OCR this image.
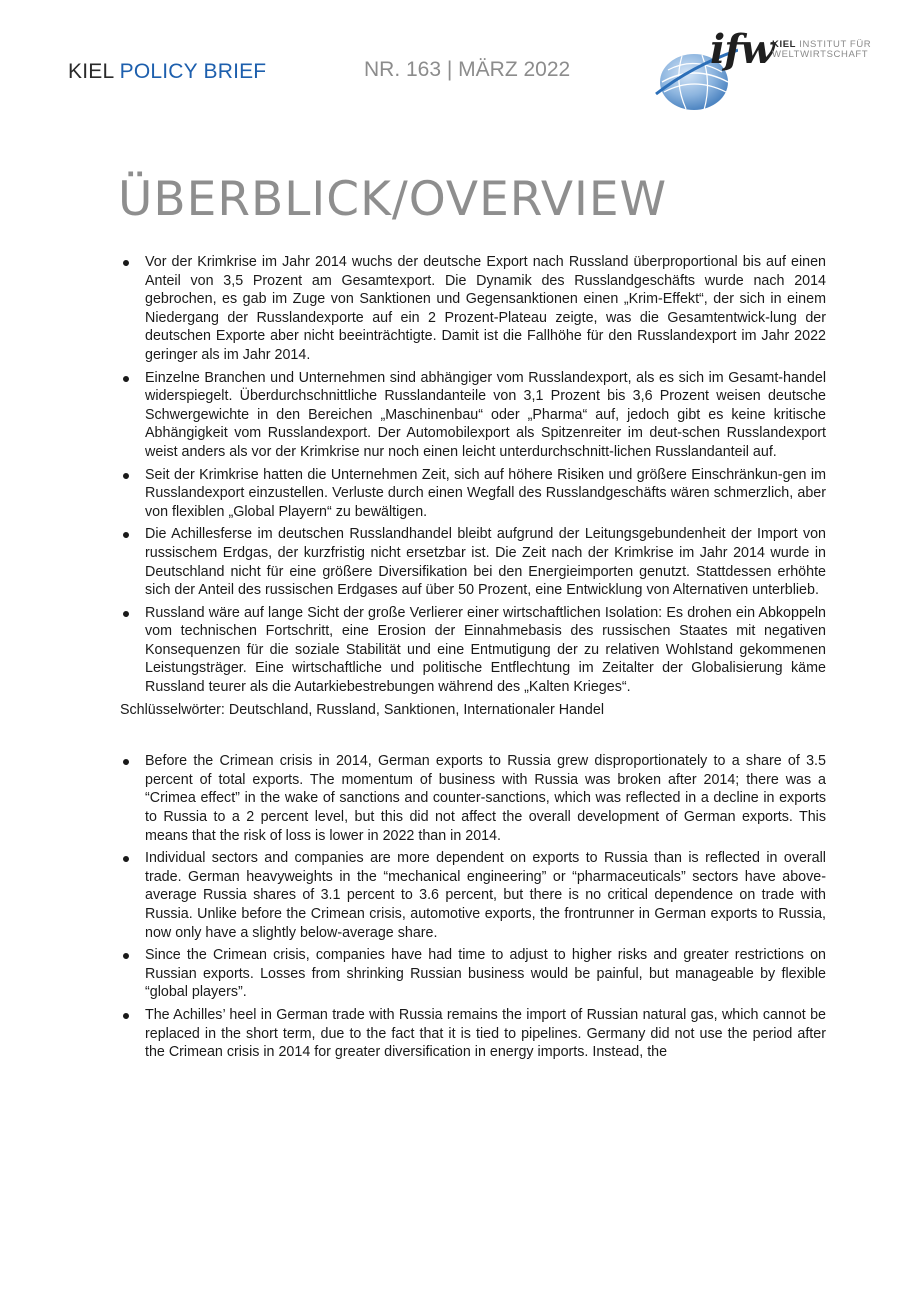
KIEL POLICY BRIEF	NR. 163 | MÄRZ 2022	ifw
KIEL INSTITUT FÜR
WELTWIRTSCHAFT
ÜBERBLICK/OVERVIEW
Vor der Krimkrise im Jahr 2014 wuchs der deutsche Export nach Russland überproportional bis auf einen Anteil von 3,5 Prozent am Gesamtexport. Die Dynamik des Russlandgeschäfts wurde nach 2014 gebrochen, es gab im Zuge von Sanktionen und Gegensanktionen einen „Krim-Effekt“, der sich in einem Niedergang der Russlandexporte auf ein 2 Prozent-Plateau zeigte, was die Gesamtentwick-lung der deutschen Exporte aber nicht beeinträchtigte. Damit ist die Fallhöhe für den Russlandexport im Jahr 2022 geringer als im Jahr 2014.
Einzelne Branchen und Unternehmen sind abhängiger vom Russlandexport, als es sich im Gesamt-handel widerspiegelt. Überdurchschnittliche Russlandanteile von 3,1 Prozent bis 3,6 Prozent weisen deutsche Schwergewichte in den Bereichen „Maschinenbau“ oder „Pharma“ auf, jedoch gibt es keine kritische Abhängigkeit vom Russlandexport. Der Automobilexport als Spitzenreiter im deut-schen Russlandexport weist anders als vor der Krimkrise nur noch einen leicht unterdurchschnitt-lichen Russlandanteil auf.
Seit der Krimkrise hatten die Unternehmen Zeit, sich auf höhere Risiken und größere Einschränkun-gen im Russlandexport einzustellen. Verluste durch einen Wegfall des Russlandgeschäfts wären schmerzlich, aber von flexiblen „Global Playern“ zu bewältigen.
Die Achillesferse im deutschen Russlandhandel bleibt aufgrund der Leitungsgebundenheit der Import von russischem Erdgas, der kurzfristig nicht ersetzbar ist. Die Zeit nach der Krimkrise im Jahr 2014 wurde in Deutschland nicht für eine größere Diversifikation bei den Energieimporten genutzt. Stattdessen erhöhte sich der Anteil des russischen Erdgases auf über 50 Prozent, eine Entwicklung von Alternativen unterblieb.
Russland wäre auf lange Sicht der große Verlierer einer wirtschaftlichen Isolation: Es drohen ein Abkoppeln vom technischen Fortschritt, eine Erosion der Einnahmebasis des russischen Staates mit negativen Konsequenzen für die soziale Stabilität und eine Entmutigung der zu relativen Wohlstand gekommenen Leistungsträger. Eine wirtschaftliche und politische Entflechtung im Zeitalter der Globalisierung käme Russland teurer als die Autarkiebestrebungen während des „Kalten Krieges“.
Schlüsselwörter: Deutschland, Russland, Sanktionen, Internationaler Handel
Before the Crimean crisis in 2014, German exports to Russia grew disproportionately to a share of 3.5 percent of total exports. The momentum of business with Russia was broken after 2014; there was a “Crimea effect” in the wake of sanctions and counter-sanctions, which was reflected in a decline in exports to Russia to a 2 percent level, but this did not affect the overall development of German exports. This means that the risk of loss is lower in 2022 than in 2014.
Individual sectors and companies are more dependent on exports to Russia than is reflected in overall trade. German heavyweights in the “mechanical engineering” or “pharmaceuticals” sectors have above-average Russia shares of 3.1 percent to 3.6 percent, but there is no critical dependence on trade with Russia. Unlike before the Crimean crisis, automotive exports, the frontrunner in German exports to Russia, now only have a slightly below-average share.
Since the Crimean crisis, companies have had time to adjust to higher risks and greater restrictions on Russian exports. Losses from shrinking Russian business would be painful, but manageable by flexible “global players”.
The Achilles’ heel in German trade with Russia remains the import of Russian natural gas, which cannot be replaced in the short term, due to the fact that it is tied to pipelines. Germany did not use the period after the Crimean crisis in 2014 for greater diversification in energy imports. Instead, the
